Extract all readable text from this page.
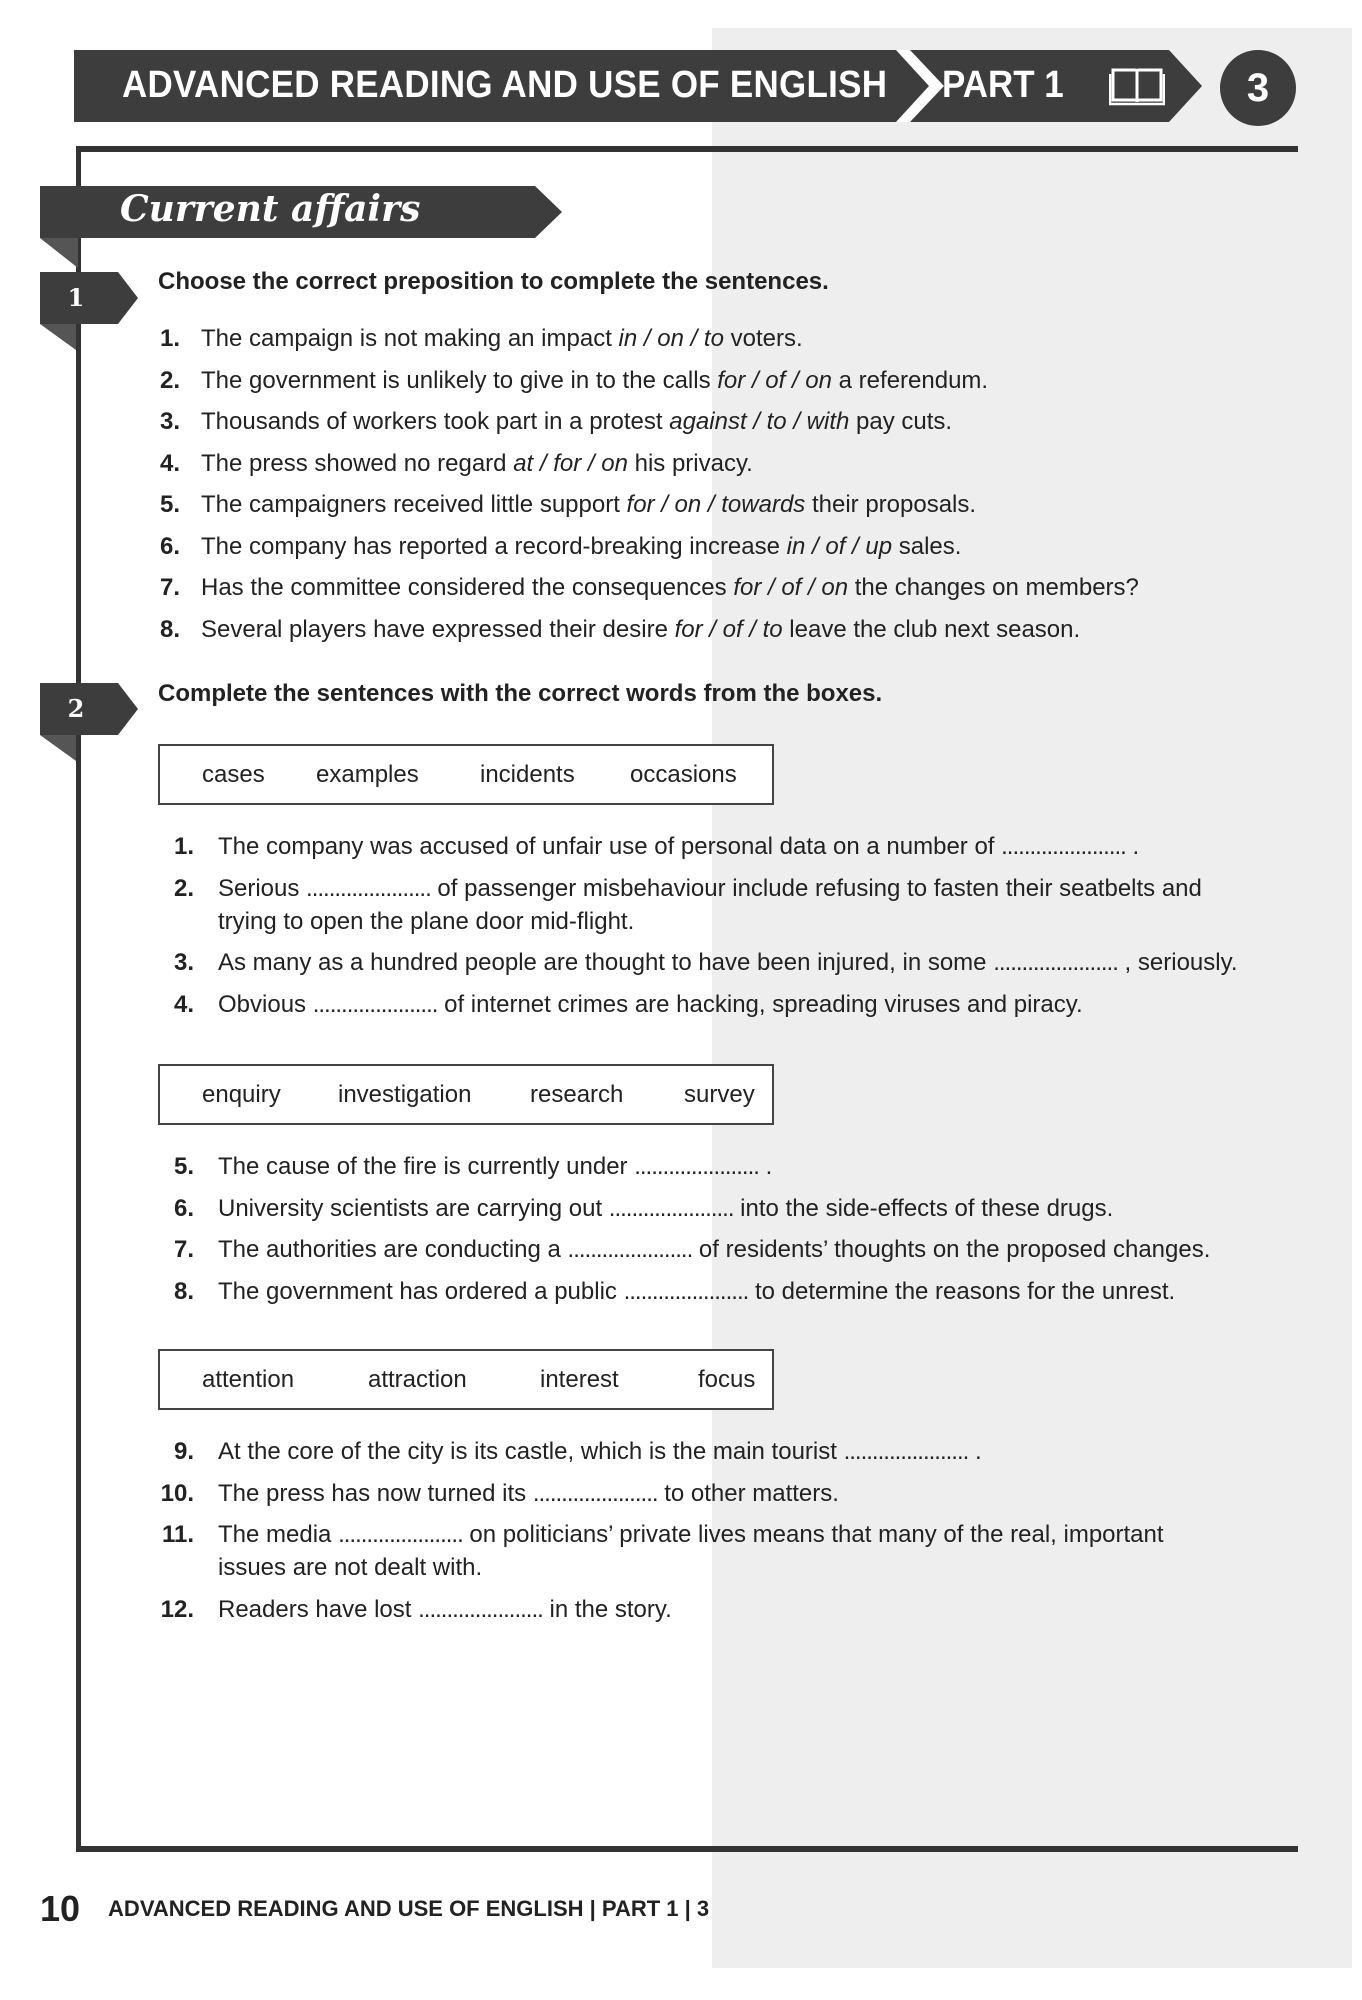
ADVANCED READING AND USE OF ENGLISH PART 1	3
Current affairs
1
Choose the correct preposition to complete the sentences.
1. The campaign is not making an impact in / on / to voters.
2. The government is unlikely to give in to the calls for / of / on a referendum.
3. Thousands of workers took part in a protest against / to / with pay cuts.
4. The press showed no regard at / for / on his privacy.
5. The campaigners received little support for / on / towards their proposals.
6. The company has reported a record-breaking increase in / of / up sales.
7. Has the committee considered the consequences for / of / on the changes on members?
8. Several players have expressed their desire for / of / to leave the club next season.
2
Complete the sentences with the correct words from the boxes.
cases examples	incidents occasions
1. The company was accused of unfair use of personal data on a number of ...................... .
2. Serious ...................... of passenger misbehaviour include refusing to fasten their seatbelts and trying to open the plane door mid-flight.
3. As many as a hundred people are thought to have been injured, in some ...................... , seriously.
4. Obvious ...................... of internet crimes are hacking, spreading viruses and piracy.
enquiry investigation research	survey
5. The cause of the fire is currently under ...................... .
6. University scientists are carrying out ...................... into the side-effects of these drugs.
7. The authorities are conducting a ...................... of residents’ thoughts on the proposed changes.
8. The government has ordered a public ...................... to determine the reasons for the unrest.
attention	attraction	interest	focus
9. At the core of the city is its castle, which is the main tourist ...................... .
10. The press has now turned its ...................... to other matters.
11. The media ...................... on politicians’ private lives means that many of the real, important issues are not dealt with.
12. Readers have lost ...................... in the story.
10 ADVANCED READING AND USE OF ENGLISH | PART 1 | 3
